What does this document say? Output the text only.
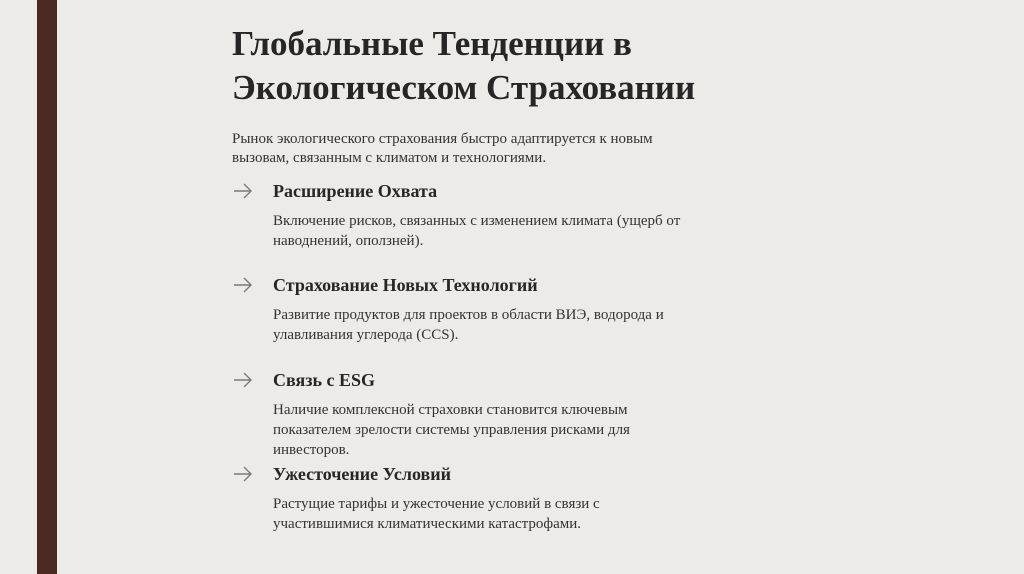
Глобальные Тенденции в
Экологическом Страховании
Рынок экологического страхования быстро адаптируется к новым
вызовам, связанным с климатом и технологиями.
Расширение Охвата
Включение рисков, связанных с изменением климата (ущерб от
наводнений, оползней).
Страхование Новых Технологий
Развитие продуктов для проектов в области ВИЭ, водорода и
улавливания углерода (CCS).
Связь с ESG
Наличие комплексной страховки становится ключевым
показателем зрелости системы управления рисками для
инвесторов.
Ужесточение Условий
Растущие тарифы и ужесточение условий в связи с
участившимися климатическими катастрофами.
